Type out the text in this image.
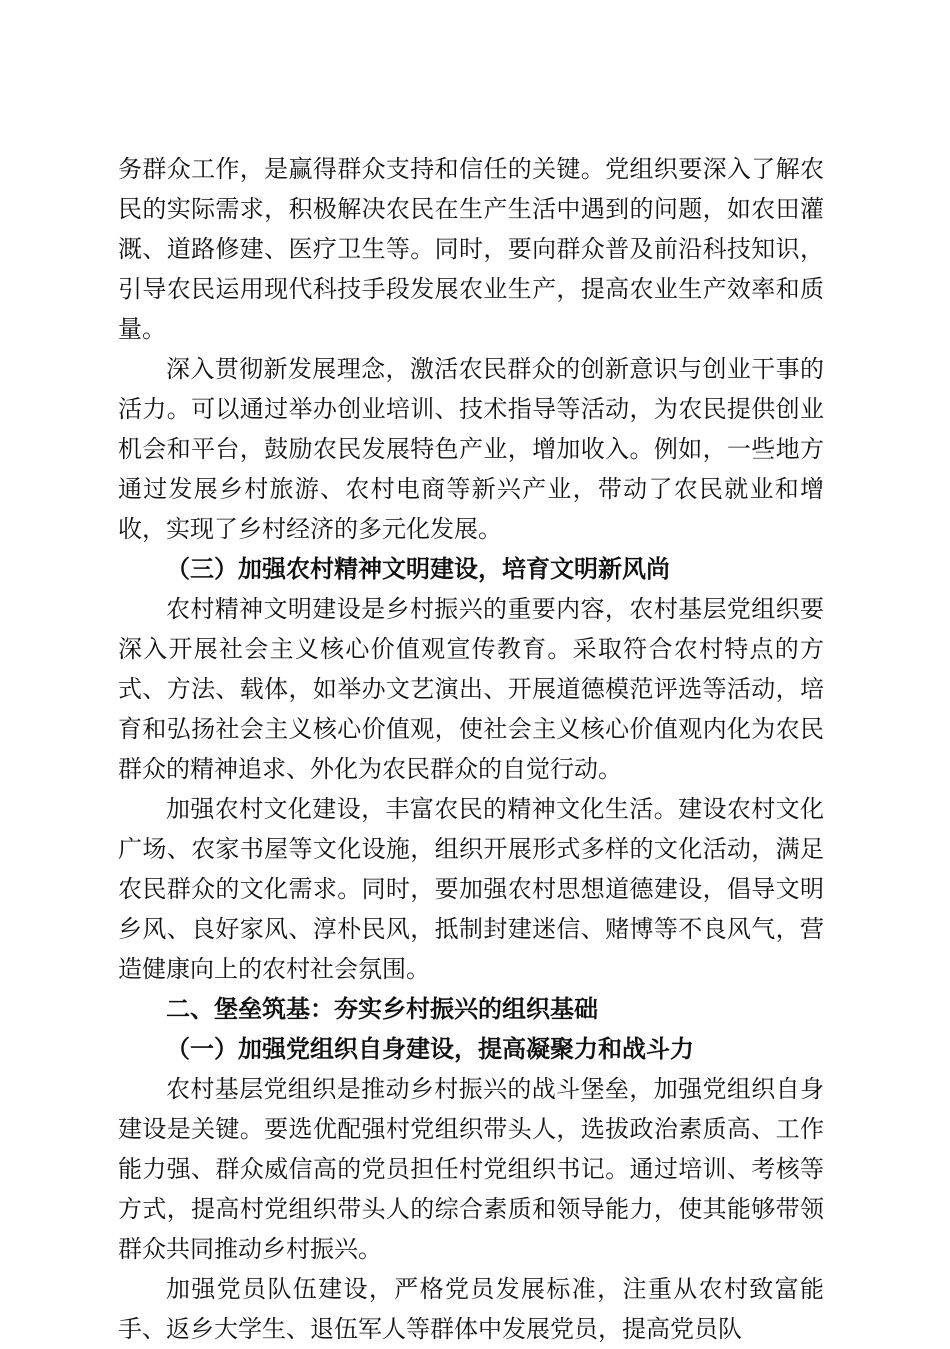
务群众工作，是赢得群众支持和信任的关键。党组织要深入了解农民的实际需求，积极解决农民在生产生活中遇到的问题，如农田灌溉、道路修建、医疗卫生等。同时，要向群众普及前沿科技知识，引导农民运用现代科技手段发展农业生产，提高农业生产效率和质量。

深入贯彻新发展理念，激活农民群众的创新意识与创业干事的活力。可以通过举办创业培训、技术指导等活动，为农民提供创业机会和平台，鼓励农民发展特色产业，增加收入。例如，一些地方通过发展乡村旅游、农村电商等新兴产业，带动了农民就业和增收，实现了乡村经济的多元化发展。

（三）加强农村精神文明建设，培育文明新风尚

农村精神文明建设是乡村振兴的重要内容，农村基层党组织要深入开展社会主义核心价值观宣传教育。采取符合农村特点的方式、方法、载体，如举办文艺演出、开展道德模范评选等活动，培育和弘扬社会主义核心价值观，使社会主义核心价值观内化为农民群众的精神追求、外化为农民群众的自觉行动。

加强农村文化建设，丰富农民的精神文化生活。建设农村文化广场、农家书屋等文化设施，组织开展形式多样的文化活动，满足农民群众的文化需求。同时，要加强农村思想道德建设，倡导文明乡风、良好家风、淳朴民风，抵制封建迷信、赌博等不良风气，营造健康向上的农村社会氛围。

二、堡垒筑基：夯实乡村振兴的组织基础

（一）加强党组织自身建设，提高凝聚力和战斗力

农村基层党组织是推动乡村振兴的战斗堡垒，加强党组织自身建设是关键。要选优配强村党组织带头人，选拔政治素质高、工作能力强、群众威信高的党员担任村党组织书记。通过培训、考核等方式，提高村党组织带头人的综合素质和领导能力，使其能够带领群众共同推动乡村振兴。

加强党员队伍建设，严格党员发展标准，注重从农村致富能手、返乡大学生、退伍军人等群体中发展党员，提高党员队
